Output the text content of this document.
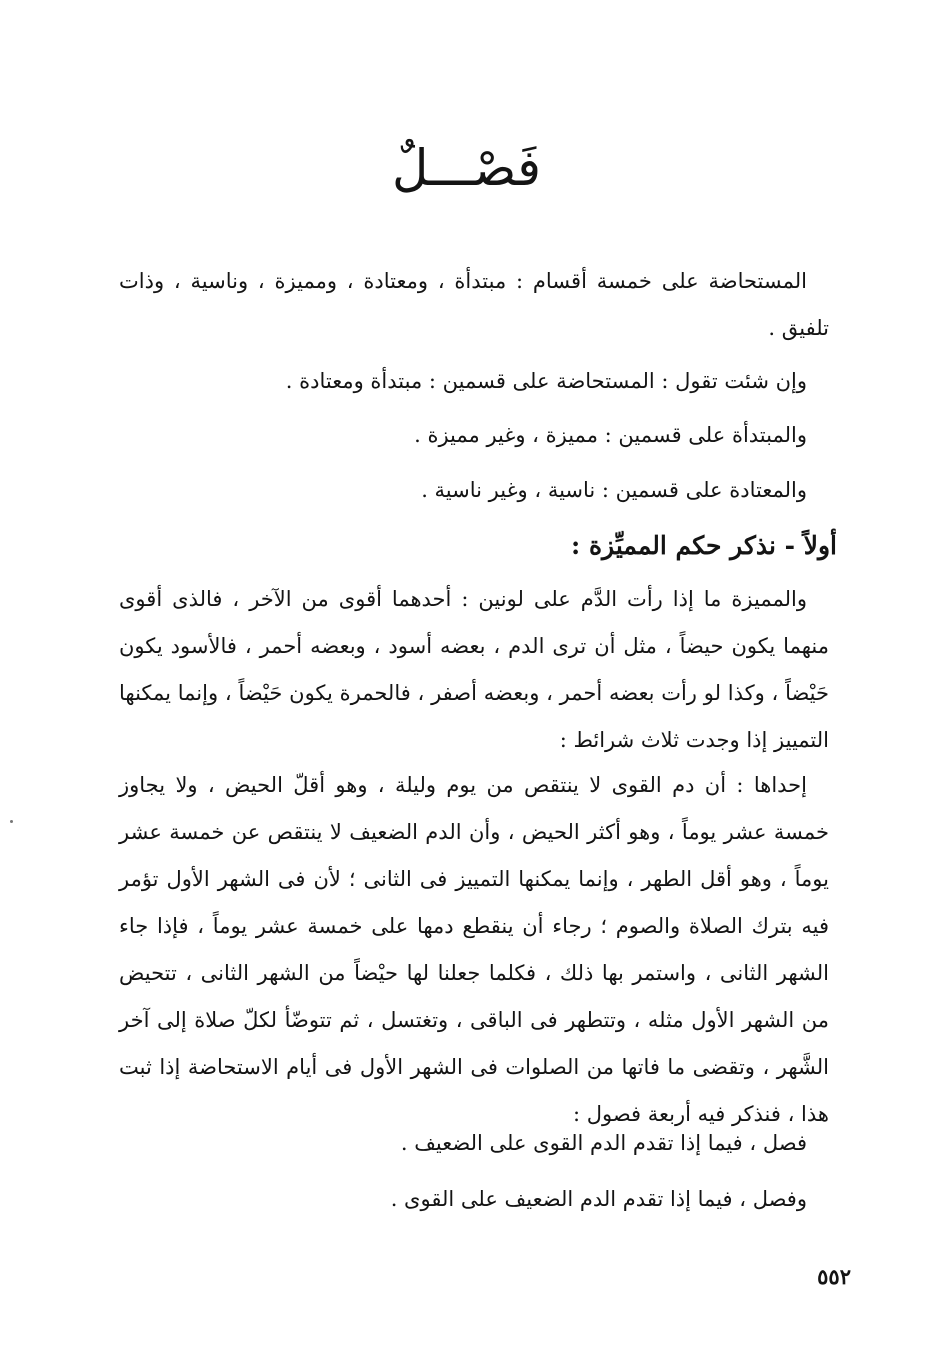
فَصْـــلٌ
المستحاضة على خمسة أقسام : مبتدأة ، ومعتادة ، ومميزة ، وناسية ، وذات تلفيق .
وإن شئت تقول : المستحاضة على قسمين : مبتدأة ومعتادة .
والمبتدأة على قسمين : مميزة ، وغير مميزة .
والمعتادة على قسمين : ناسية ، وغير ناسية .
أولاً - نذكر حكم المميِّزة :
والمميزة ما إذا رأت الدَّم على لونين : أحدهما أقوى من الآخر ، فالذى أقوى منهما يكون حيضاً ، مثل أن ترى الدم ، بعضه أسود ، وبعضه أحمر ، فالأسود يكون حَيْضاً ، وكذا لو رأت بعضه أحمر ، وبعضه أصفر ، فالحمرة يكون حَيْضاً ، وإنما يمكنها التمييز إذا وجدت ثلاث شرائط :
إحداها : أن دم القوى لا ينتقص من يوم وليلة ، وهو أقلّ الحيض ، ولا يجاوز خمسة عشر يوماً ، وهو أكثر الحيض ، وأن الدم الضعيف لا ينتقص عن خمسة عشر يوماً ، وهو أقل الطهر ، وإنما يمكنها التمييز فى الثانى ؛ لأن فى الشهر الأول تؤمر فيه بترك الصلاة والصوم ؛ رجاء أن ينقطع دمها على خمسة عشر يوماً ، فإذا جاء الشهر الثانى ، واستمر بها ذلك ، فكلما جعلنا لها حيْضاً من الشهر الثانى ، تتحيض من الشهر الأول مثله ، وتتطهر فى الباقى ، وتغتسل ، ثم تتوضّأ لكلّ صلاة إلى آخر الشَّهر ، وتقضى ما فاتها من الصلوات فى الشهر الأول فى أيام الاستحاضة إذا ثبت هذا ، فنذكر فيه أربعة فصول :
فصل ، فيما إذا تقدم الدم القوى على الضعيف .
وفصل ، فيما إذا تقدم الدم الضعيف على القوى .
٥٥٢
